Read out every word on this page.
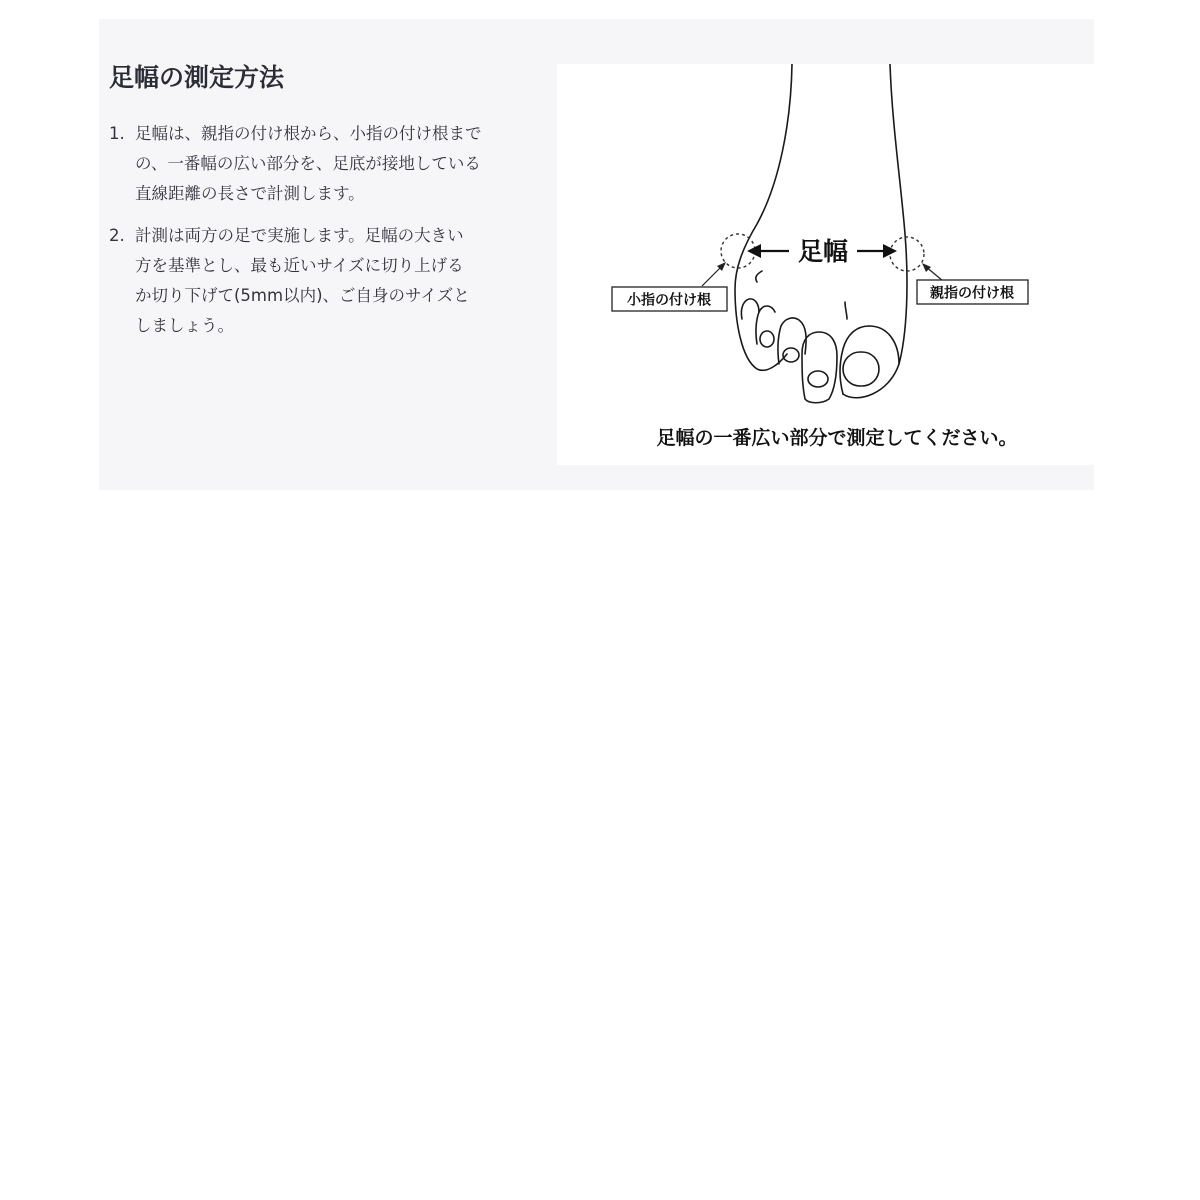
足幅の測定方法
1. 足幅は、親指の付け根から、小指の付け根まで
の、一番幅の広い部分を、足底が接地している
直線距離の長さで計測します。
2. 計測は両方の足で実施します。足幅の大きい
方を基準とし、最も近いサイズに切り上げる
か切り下げて(5mm以内)、ご自身のサイズと
しましょう。
足幅
小指の付け根	親指の付け根
足幅の一番広い部分で測定してください。
